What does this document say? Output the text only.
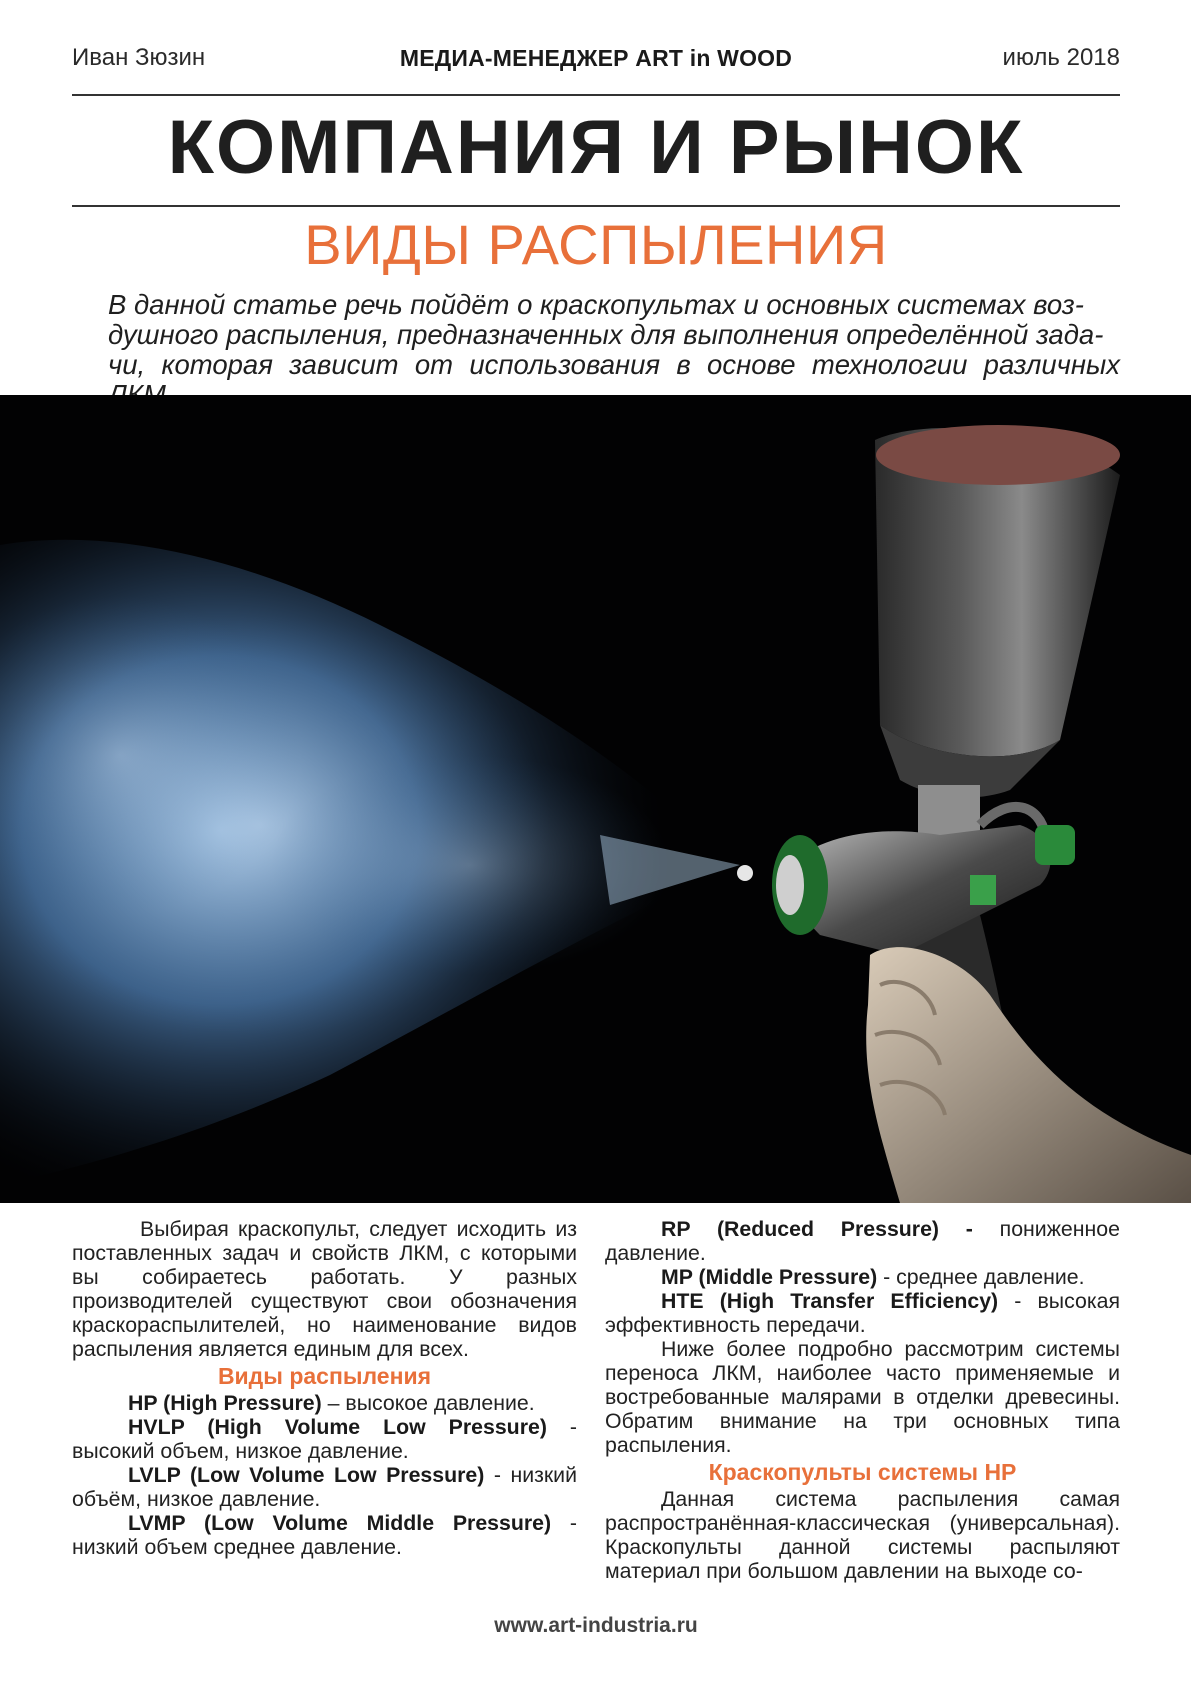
Иван Зюзин	МЕДИА-МЕНЕДЖЕР ART in WOOD	июль 2018
КОМПАНИЯ И РЫНОК
ВИДЫ РАСПЫЛЕНИЯ

В данной статье речь пойдёт о краскопультах и основных системах воз-

душного распыления, предназначенных для выполнения определённой зада-

чи, которая зависит от использования в основе технологии различных

Выбирая краскопульт, следует исходить из поставленных задач и свойств ЛКМ, с которыми вы собираетесь работать. У разных производителей существуют свои обозначения краскораспылителей, но наименование видов распыления является единым для всех.

Виды распыления

HP (High Pressure) – высокое давление.

HVLP (High Volume Low Pressure) - высокий объем, низкое давление.

LVLP (Low Volume Low Pressure) - низкий объём, низкое давление.

LVMP (Low Volume Middle Pressure) - низкий объем среднее давление.

RP (Reduced Pressure) - пониженное давление.

MP (Middle Pressure) - среднее давление.

HTE (High Transfer Efficiency) - высокая эффективность передачи.

Ниже более подробно рассмотрим системы переноса ЛКМ, наиболее часто применяемые и востребованные малярами в отделки древесины. Обратим внимание на три основных типа распыления.

Краскопульты системы HP

Данная система распыления самая распространённая-классическая (универсальная). Краскопульты данной системы распыляют материал при большом давлении на выходе со-

www.art-industria.ru
